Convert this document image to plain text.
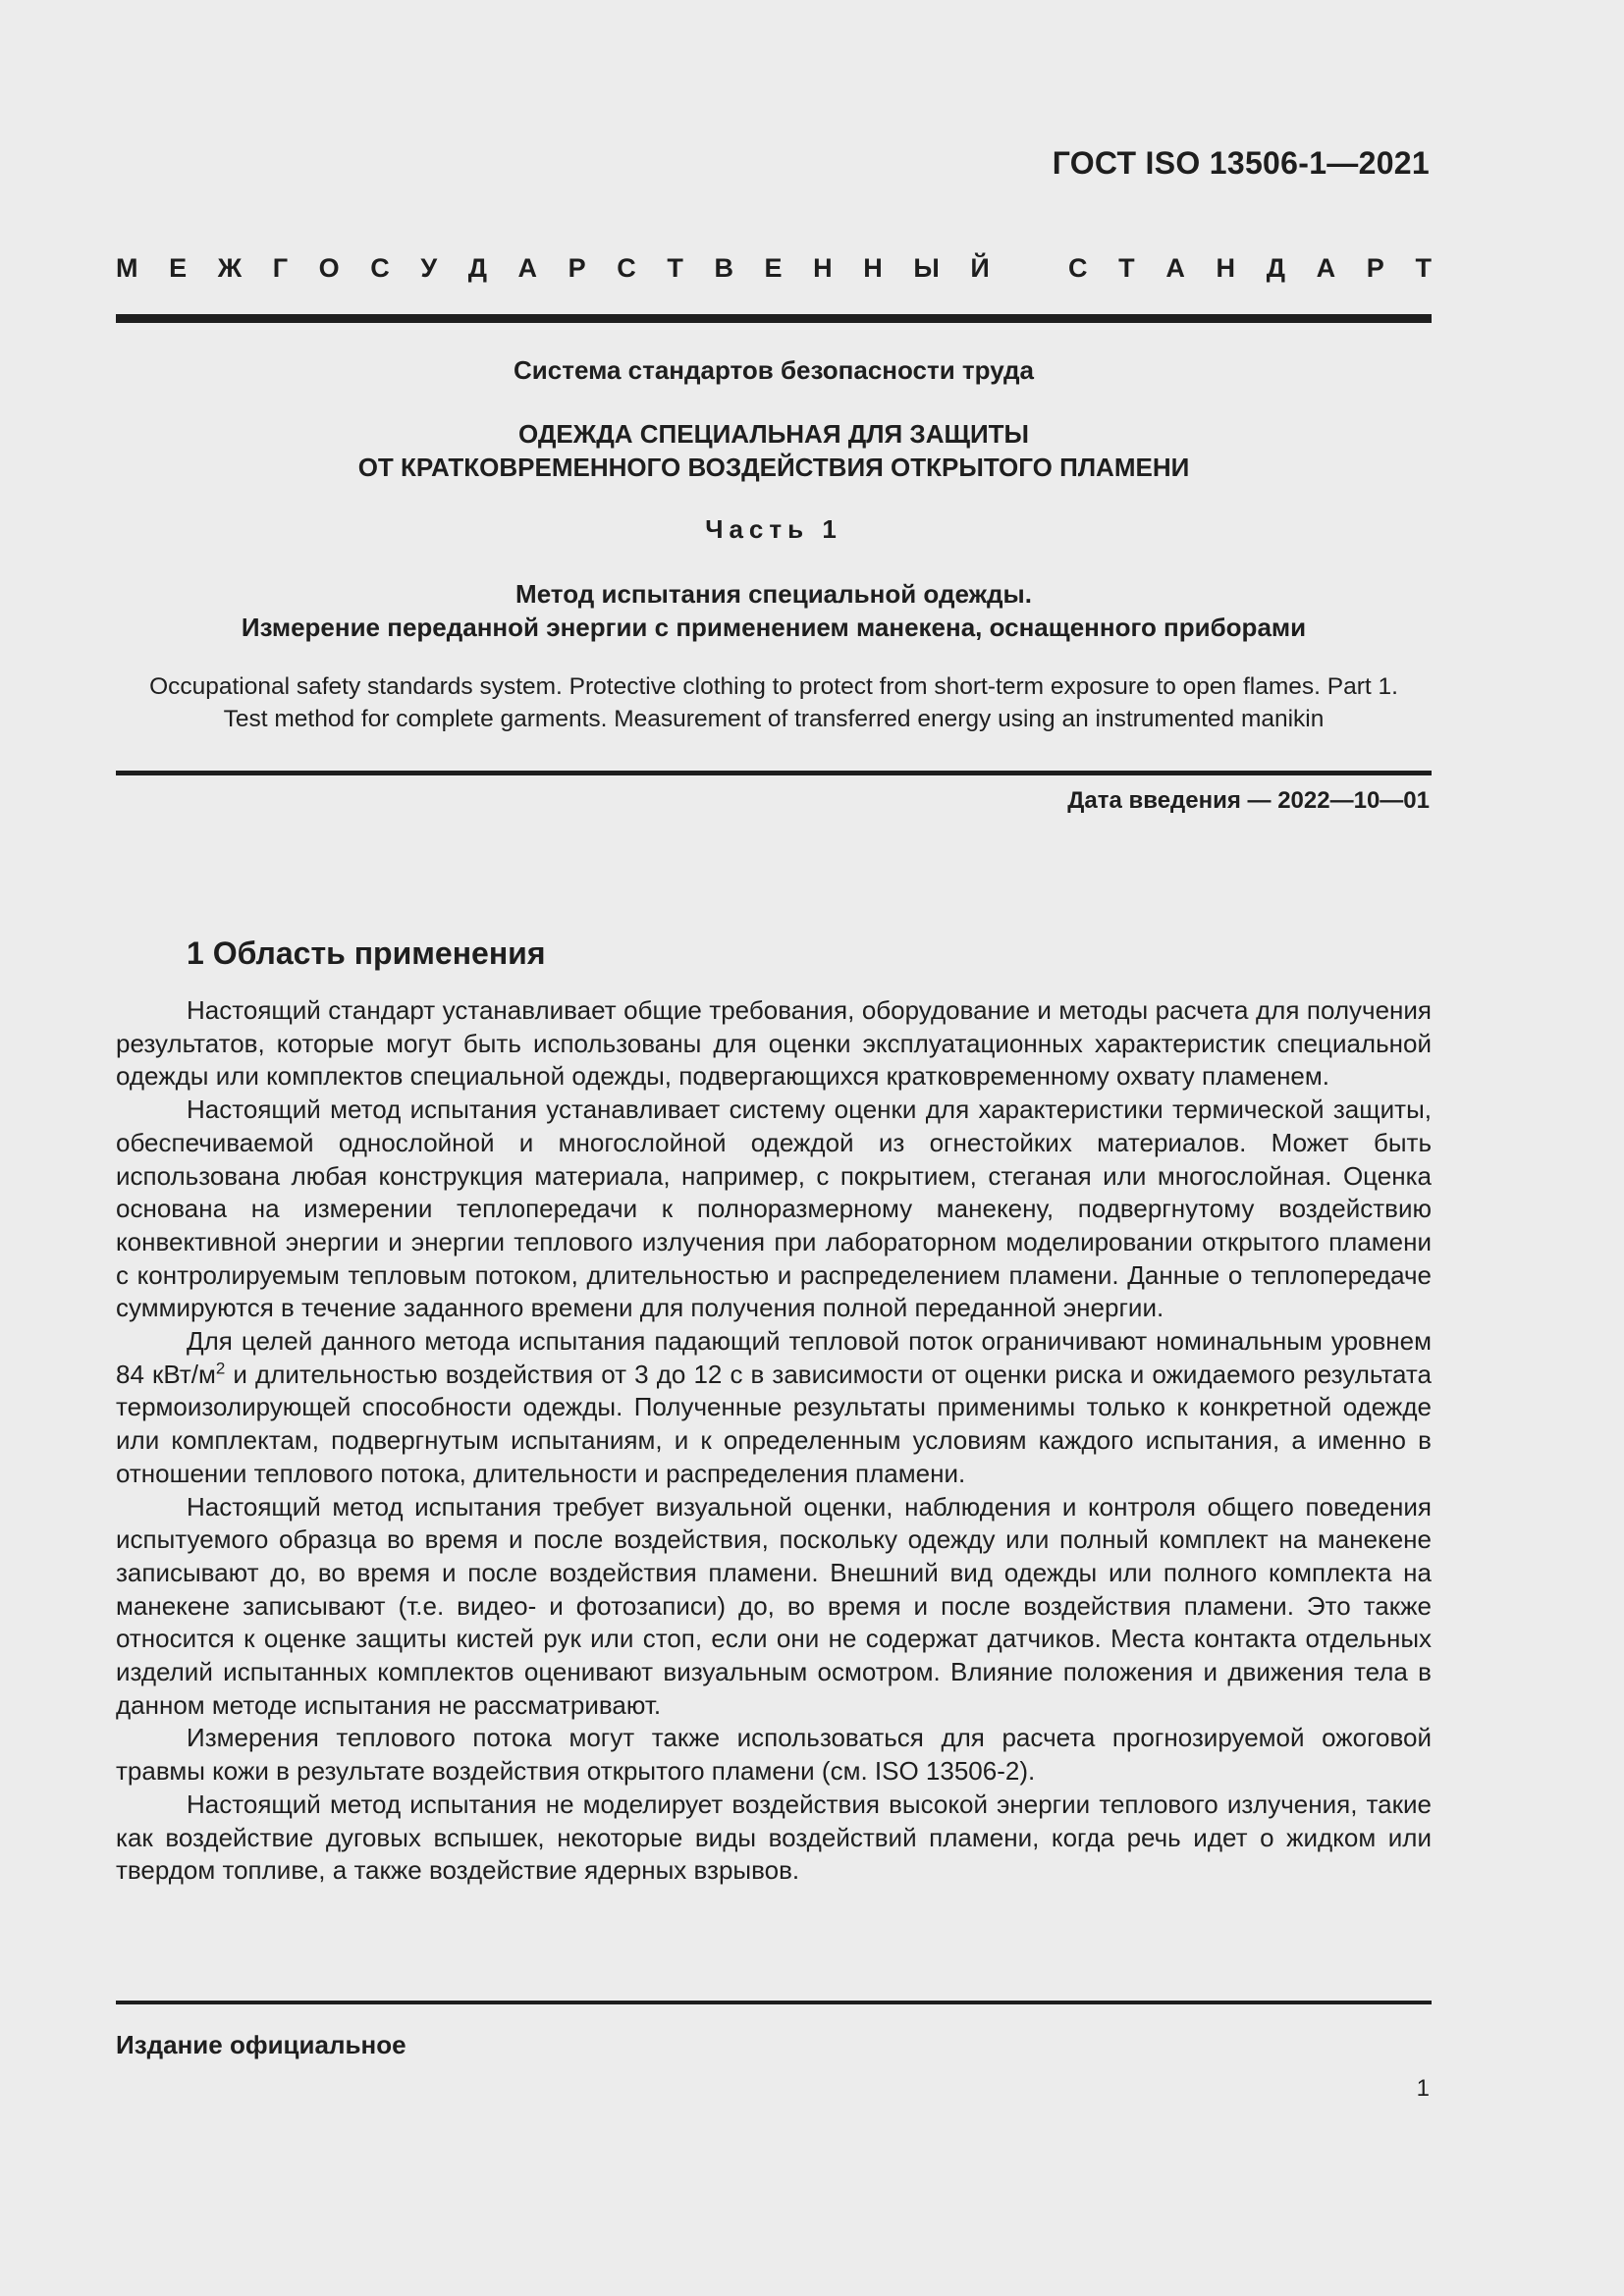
ГОСТ ISO 13506-1—2021
М Е Ж Г О С У Д А Р С Т В Е Н Н Ы Й	С Т А Н Д А Р Т
Система стандартов безопасности труда
ОДЕЖДА СПЕЦИАЛЬНАЯ ДЛЯ ЗАЩИТЫ
ОТ КРАТКОВРЕМЕННОГО ВОЗДЕЙСТВИЯ ОТКРЫТОГО ПЛАМЕНИ
Часть 1
Метод испытания специальной одежды.
Измерение переданной энергии с применением манекена, оснащенного приборами
Occupational safety standards system. Protective clothing to protect from short-term exposure to open flames. Part 1.
Test method for complete garments. Measurement of transferred energy using an instrumented manikin
Дата введения — 2022—10—01
1 Область применения

Настоящий стандарт устанавливает общие требования, оборудование и методы расчета для получения результатов, которые могут быть использованы для оценки эксплуатационных характеристик специальной одежды или комплектов специальной одежды, подвергающихся кратковременному охвату пламенем.

Настоящий метод испытания устанавливает систему оценки для характеристики термической защиты, обеспечиваемой однослойной и многослойной одеждой из огнестойких материалов. Может быть использована любая конструкция материала, например, с покрытием, стеганая или многослойная. Оценка основана на измерении теплопередачи к полноразмерному манекену, подвергнутому воздействию конвективной энергии и энергии теплового излучения при лабораторном моделировании открытого пламени с контролируемым тепловым потоком, длительностью и распределением пламени. Данные о теплопередаче суммируются в течение заданного времени для получения полной переданной энергии.

Для целей данного метода испытания падающий тепловой поток ограничивают номинальным уровнем 84 кВт/$м^2$ и длительностью воздействия от 3 до 12 с в зависимости от оценки риска и ожидаемого результата термоизолирующей способности одежды. Полученные результаты применимы только к конкретной одежде или комплектам, подвергнутым испытаниям, и к определенным условиям каждого испытания, а именно в отношении теплового потока, длительности и распределения пламени.

Настоящий метод испытания требует визуальной оценки, наблюдения и контроля общего поведения испытуемого образца во время и после воздействия, поскольку одежду или полный комплект на манекене записывают до, во время и после воздействия пламени. Внешний вид одежды или полного комплекта на манекене записывают (т.е. видео- и фотозаписи) до, во время и после воздействия пламени. Это также относится к оценке защиты кистей рук или стоп, если они не содержат датчиков. Места контакта отдельных изделий испытанных комплектов оценивают визуальным осмотром. Влияние положения и движения тела в данном методе испытания не рассматривают.

Измерения теплового потока могут также использоваться для расчета прогнозируемой ожоговой травмы кожи в результате воздействия открытого пламени (см. ISO 13506-2).

Настоящий метод испытания не моделирует воздействия высокой энергии теплового излучения, такие как воздействие дуговых вспышек, некоторые виды воздействий пламени, когда речь идет о жидком или твердом топливе, а также воздействие ядерных взрывов.

Издание официальное
1
